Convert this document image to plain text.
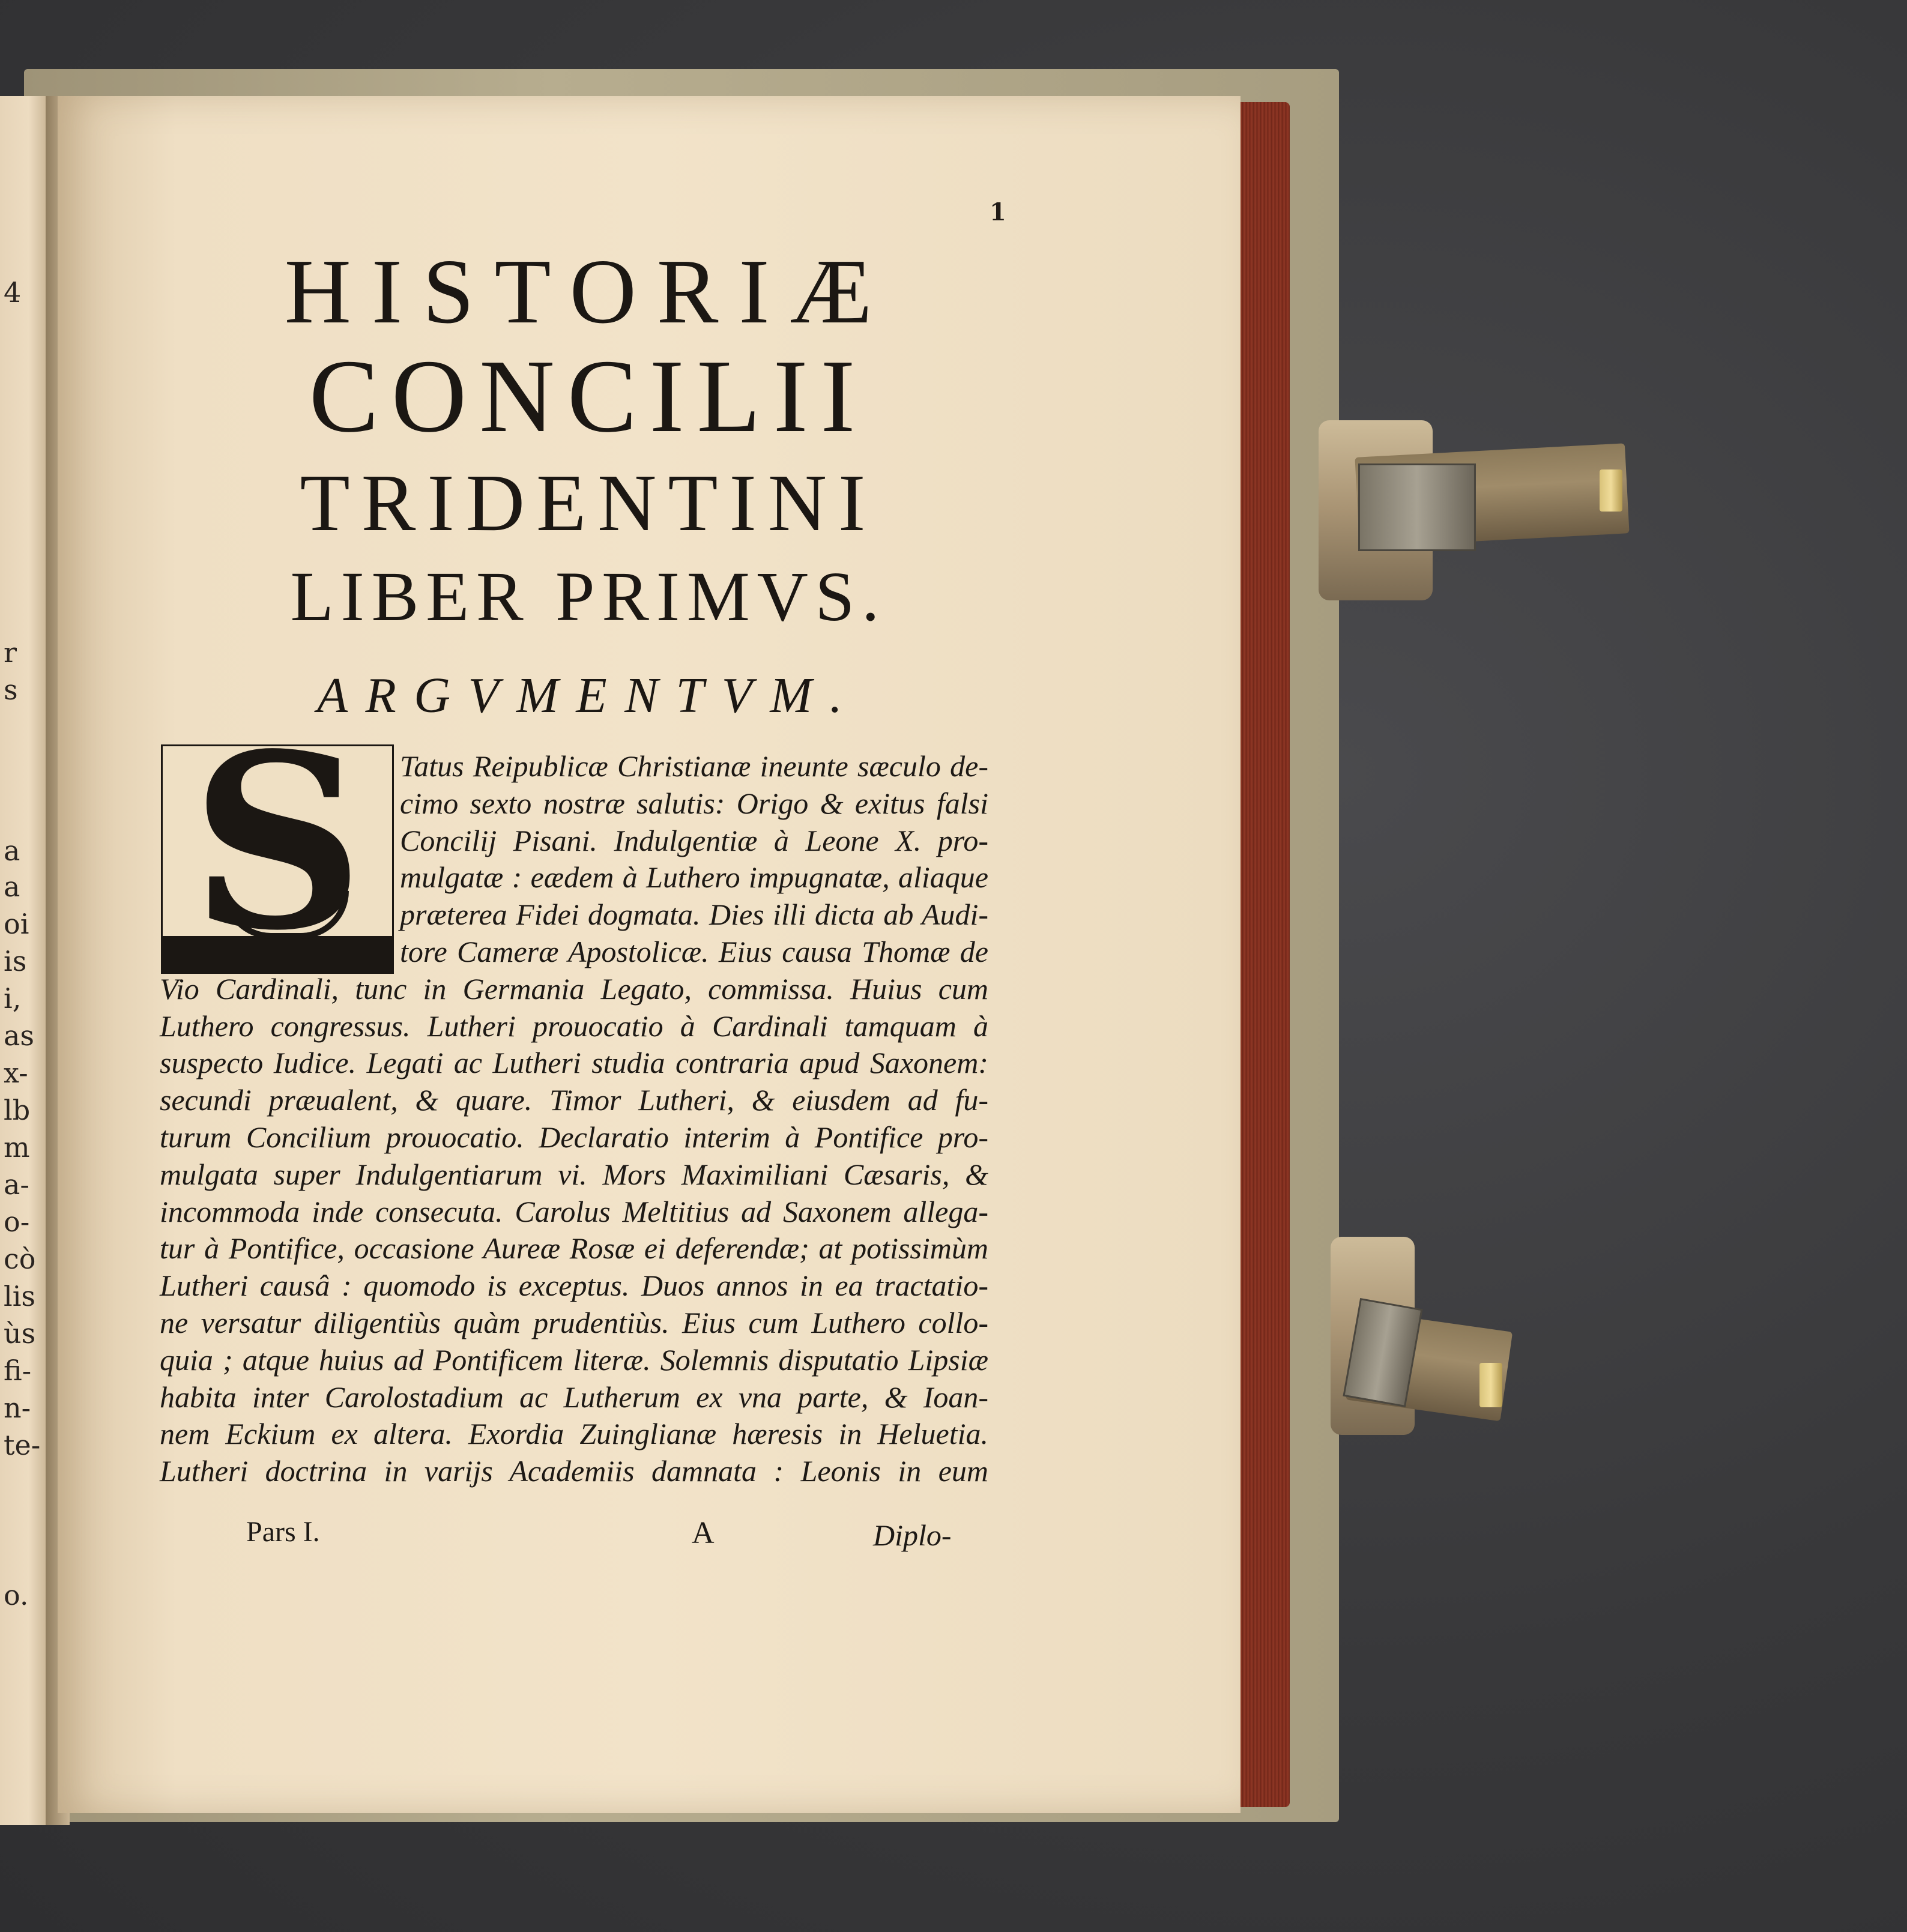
4
r
s
a
a
oi
is
i,
as
x-
lb
m
a-
o-
cò
lis
ùs
fi-
n-
te-
o.
1
HISTORIÆ
CONCILII
TRIDENTINI
LIBER PRIMVS.
ARGVMENTVM.
S	Tatus Reipublicæ Christianæ ineunte sæculo de-
cimo sexto nostræ salutis: Origo & exitus falsi
Concilij Pisani. Indulgentiæ à Leone X. pro-
mulgatæ : eædem à Luthero impugnatæ, aliaque
præterea Fidei dogmata. Dies illi dicta ab Audi-
tore Cameræ Apostolicæ. Eius causa Thomæ de
Vio Cardinali, tunc in Germania Legato, commissa. Huius cum
Luthero congressus. Lutheri prouocatio à Cardinali tamquam à
suspecto Iudice. Legati ac Lutheri studia contraria apud Saxonem:
secundi præualent, & quare. Timor Lutheri, & eiusdem ad fu-
turum Concilium prouocatio. Declaratio interim à Pontifice pro-
mulgata super Indulgentiarum vi. Mors Maximiliani Cæsaris, &
incommoda inde consecuta. Carolus Meltitius ad Saxonem allega-
tur à Pontifice, occasione Aureæ Rosæ ei deferendæ; at potissimùm
Lutheri causâ : quomodo is exceptus. Duos annos in ea tractatio-
ne versatur diligentiùs quàm prudentiùs. Eius cum Luthero collo-
quia ; atque huius ad Pontificem literæ. Solemnis disputatio Lipsiæ
habita inter Carolostadium ac Lutherum ex vna parte, & Ioan-
nem Eckium ex altera. Exordia Zuinglianæ hæresis in Heluetia.
Lutheri doctrina in varijs Academiis damnata : Leonis in eum
Pars I.	A	Diplo-
